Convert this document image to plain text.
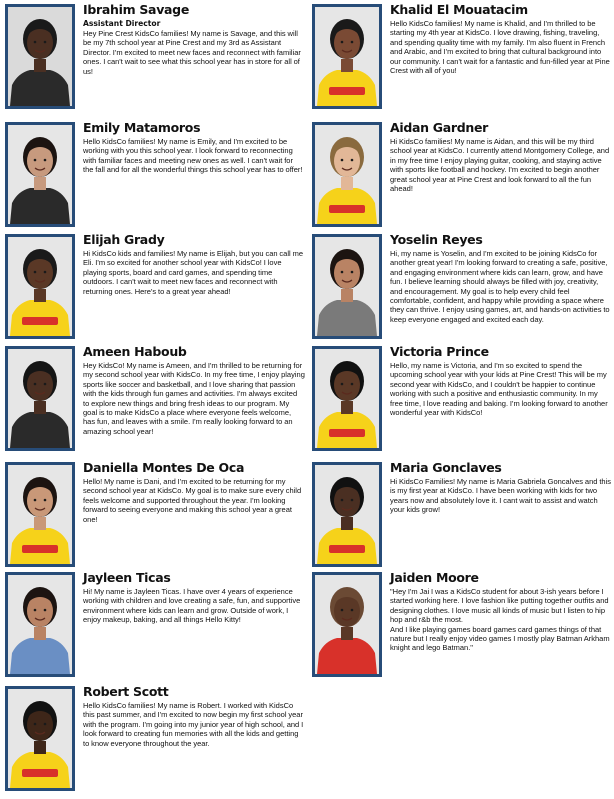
Ibrahim Savage
Assistant Director
Hey Pine Crest KidsCo families! My name is Savage, and this will be my 7th school year at Pine Crest and my 3rd as Assistant Director. I'm excited to meet new faces and reconnect with familiar ones. I can't wait to see what this school year has in store for all of us!
Emily Matamoros
Hello KidsCo families! My name is Emily, and I'm excited to be working with you this school year. I look forward to reconnecting with familiar faces and meeting new ones as well. I can't wait for the fall and for all the wonderful things this school year has to offer!
Elijah Grady
Hi KidsCo kids and families! My name is Elijah, but you can call me Eli. I'm so excited for another school year with KidsCo! I love playing sports, board and card games, and spending time outdoors. I can't wait to meet new faces and reconnect with returning ones. Here's to a great year ahead!
Ameen Haboub
Hey KidsCo! My name is Ameen, and I'm thrilled to be returning for my second school year with KidsCo. In my free time, I enjoy playing sports like soccer and basketball, and I love sharing that passion with the kids through fun games and activities. I'm always excited to explore new things and bring fresh ideas to our program. My goal is to make KidsCo a place where everyone feels welcome, has fun, and leaves with a smile. I'm really looking forward to an amazing school year!
Daniella Montes De Oca
Hello! My name is Dani, and I'm excited to be returning for my second school year at KidsCo. My goal is to make sure every child feels welcome and supported throughout the year. I'm looking forward to seeing everyone and making this school year a great one!
Jayleen Ticas
Hi! My name is Jayleen Ticas. I have over 4 years of experience working with children and love creating a safe, fun, and supportive environment where kids can learn and grow. Outside of work, I enjoy makeup, baking, and all things Hello Kitty!
Robert Scott
Hello KidsCo families! My name is Robert. I worked with KidsCo this past summer, and I'm excited to now begin my first school year with the program. I'm going into my junior year of high school, and I look forward to creating fun memories with all the kids and getting to know everyone throughout the year.
Khalid El Mouatacim
Hello KidsCo families! My name is Khalid, and I'm thrilled to be starting my 4th year at KidsCo. I love drawing, fishing, traveling, and spending quality time with my family. I'm also fluent in French and Arabic, and I'm excited to bring that cultural background into our community. I can't wait for a fantastic and fun-filled year at Pine Crest with all of you!
Aidan Gardner
Hi KidsCo families! My name is Aidan, and this will be my third school year at KidsCo. I currently attend Montgomery College, and in my free time I enjoy playing guitar, cooking, and staying active with sports like football and hockey. I'm excited to begin another great school year at Pine Crest and look forward to all the fun ahead!
Yoselin Reyes
Hi, my name is Yoselin, and I'm excited to be joining KidsCo for another great year! I'm looking forward to creating a safe, positive, and engaging environment where kids can learn, grow, and have fun. I believe learning should always be filled with joy, creativity, and encouragement. My goal is to help every child feel comfortable, confident, and happy while providing a space where they can thrive. I enjoy using games, art, and hands-on activities to keep everyone engaged and excited each day.
Victoria Prince
Hello, my name is Victoria, and I'm so excited to spend the upcoming school year with your kids at Pine Crest! This will be my second year with KidsCo, and I couldn't be happier to continue working with such a positive and enthusiastic community. In my free time, I love reading and baking. I'm looking forward to another wonderful year with KidsCo!
Maria Gonclaves
Hi KidsCo Families! My name is Maria Gabriela Goncalves and this is my first year at KidsCo. I have been working with kids for two years now and absolutely love it. I cant wait to assist and watch your kids grow!
Jaiden Moore
"Hey I'm Jai I was a KidsCo student for about 3-ish years before I started working here. I love fashion like putting together outfits and designing clothes. I love music all kinds of music but I listen to hip hop and r&b the most.
And I like playing games board games card games things of that nature but I really enjoy video games I mostly play Batman Arkham knight and lego Batman."
